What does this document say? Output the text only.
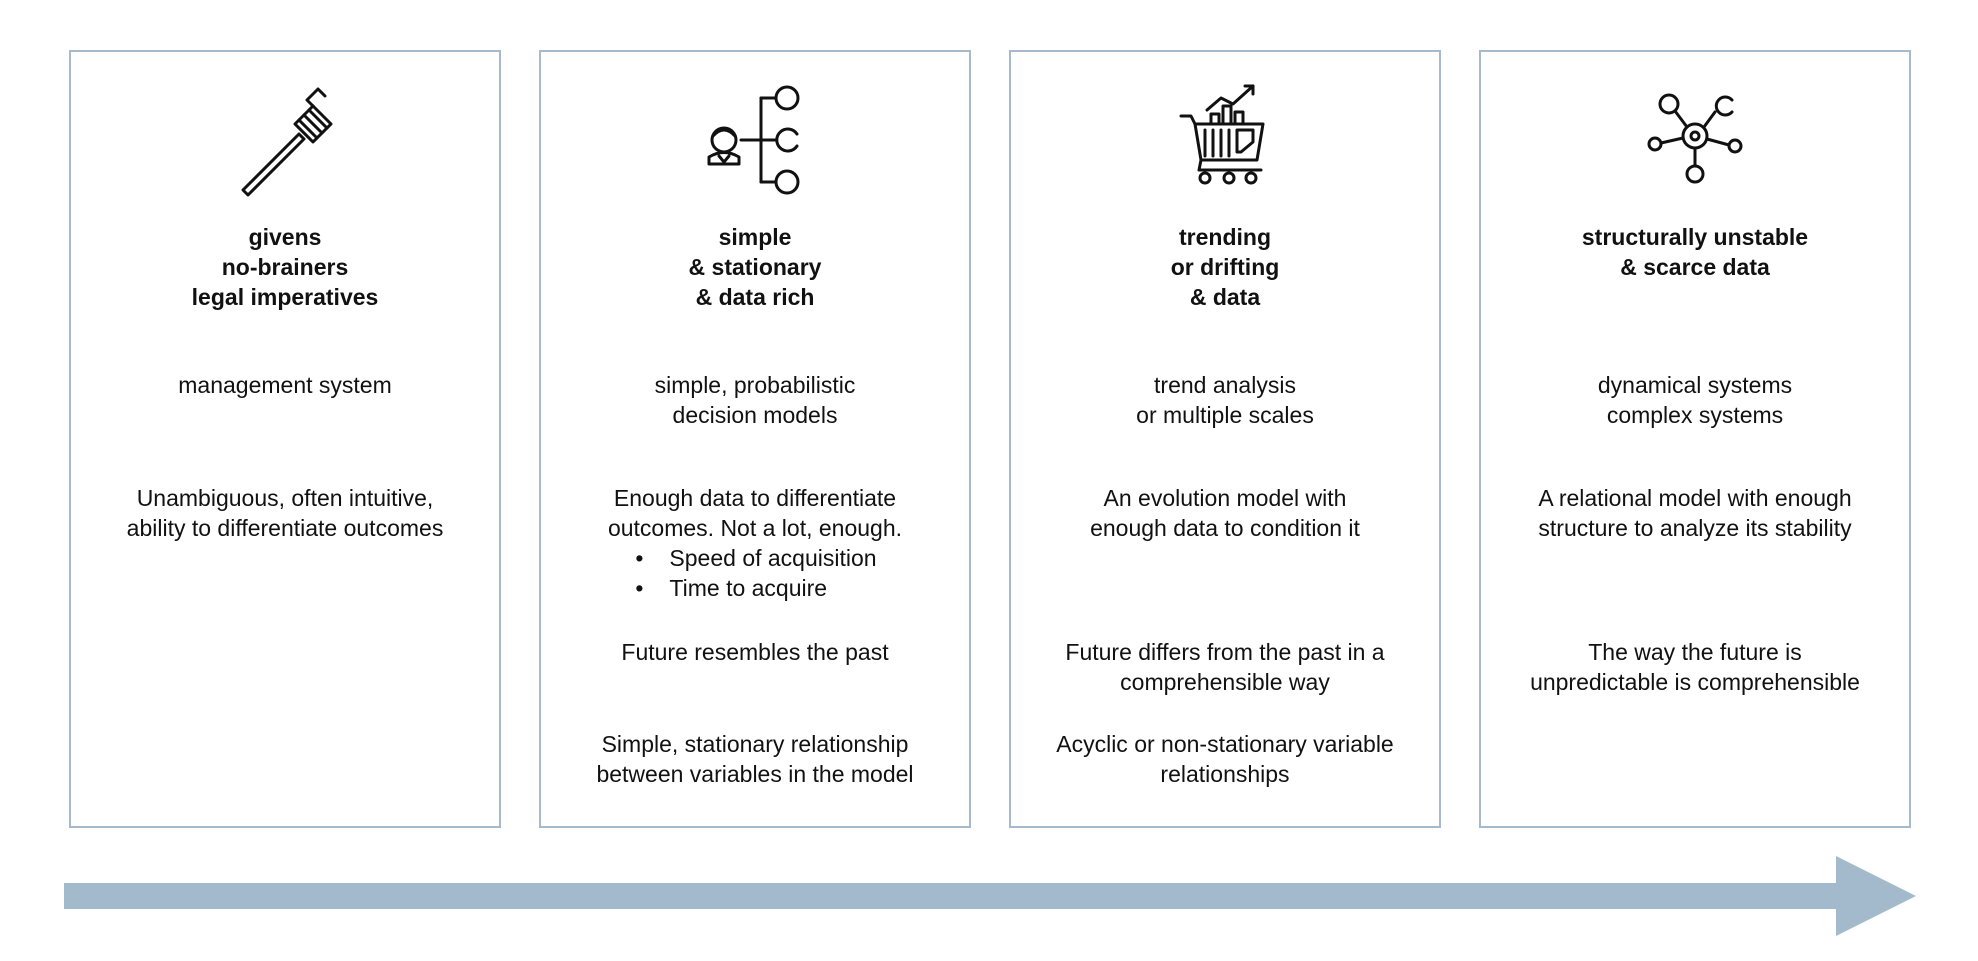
givens
no-brainers
legal imperatives
management system
Unambiguous, often intuitive,
ability to differentiate outcomes
simple
& stationary
& data rich
simple, probabilistic
decision models
Enough data to differentiate
outcomes. Not a lot, enough.
• Speed of acquisition
• Time to acquire
Future resembles the past
Simple, stationary relationship
between variables in the model
trending
or drifting
& data
trend analysis
or multiple scales
An evolution model with
enough data to condition it
Future differs from the past in a
comprehensible way
Acyclic or non-stationary variable
relationships
structurally unstable
& scarce data
dynamical systems
complex systems
A relational model with enough
structure to analyze its stability
The way the future is
unpredictable is comprehensible
